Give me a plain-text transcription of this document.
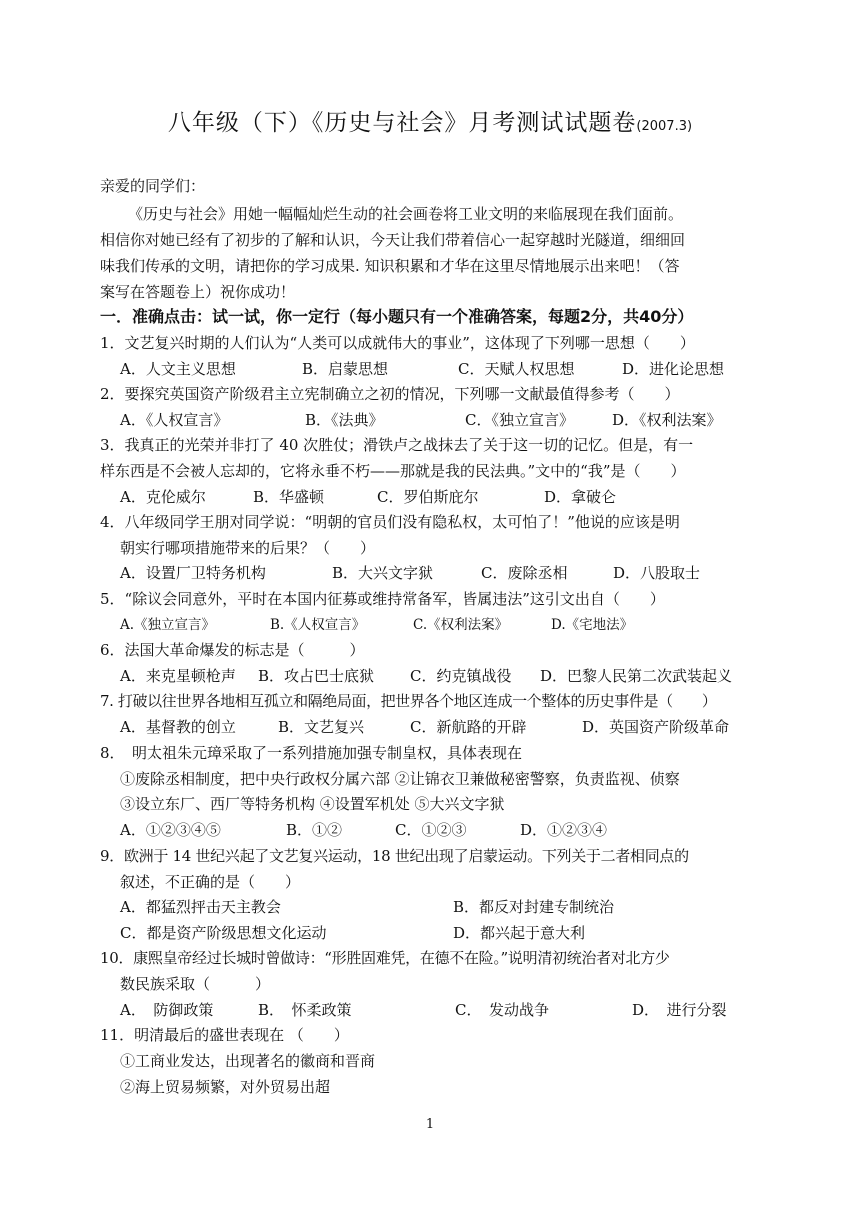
八年级（下）《历史与社会》月考测试试题卷(2007.3)
亲爱的同学们：
《历史与社会》用她一幅幅灿烂生动的社会画卷将工业文明的来临展现在我们面前。
相信你对她已经有了初步的了解和认识，今天让我们带着信心一起穿越时光隧道，细细回
味我们传承的文明，请把你的学习成果. 知识积累和才华在这里尽情地展示出来吧！（答
案写在答题卷上）祝你成功！
一．准确点击：试一试，你一定行（每小题只有一个准确答案，每题2分，共40分）
1．文艺复兴时期的人们认为“人类可以成就伟大的事业”，这体现了下列哪一思想（　　）
A．人文主义思想	B．启蒙思想	C．天赋人权思想	D．进化论思想
2．要探究英国资产阶级君主立宪制确立之初的情况，下列哪一文献最值得参考（　　）
A．《人权宣言》	B．《法典》	C．《独立宣言》	D．《权利法案》
3．我真正的光荣并非打了 40 次胜仗；滑铁卢之战抹去了关于这一切的记忆。但是，有一
样东西是不会被人忘却的，它将永垂不朽——那就是我的民法典。”文中的“我”是（　　）
A．克伦威尔	B．华盛顿	C．罗伯斯庇尔	D．拿破仑
4．八年级同学王朋对同学说：“明朝的官员们没有隐私权，太可怕了！”他说的应该是明
朝实行哪项措施带来的后果？（　　）
A．设置厂卫特务机构	B．大兴文字狱	C．废除丞相	D．八股取士
5．“除议会同意外，平时在本国内征募或维持常备军，皆属违法”这引文出自（　　）
A.《独立宣言》	B.《人权宣言》	C.《权利法案》	D.《宅地法》
6．法国大革命爆发的标志是（　　　）
A．来克星顿枪声 B．攻占巴士底狱 C．约克镇战役 D．巴黎人民第二次武装起义
7. 打破以往世界各地相互孤立和隔绝局面，把世界各个地区连成一个整体的历史事件是（　　）
A．基督教的创立	B．文艺复兴	C．新航路的开辟	D．英国资产阶级革命
8．　明太祖朱元璋采取了一系列措施加强专制皇权，具体表现在
①废除丞相制度，把中央行政权分属六部 ②让锦衣卫兼做秘密警察，负责监视、侦察
③设立东厂、西厂等特务机构 ④设置军机处 ⑤大兴文字狱
A．①②③④⑤	B．①②	C．①②③	D．①②③④
9．欧洲于 14 世纪兴起了文艺复兴运动，18 世纪出现了启蒙运动。下列关于二者相同点的
叙述，不正确的是（　　）
A．都猛烈抨击天主教会	B．都反对封建专制统治
C．都是资产阶级思想文化运动	D．都兴起于意大利
10．康熙皇帝经过长城时曾做诗：“形胜固难凭，在德不在险。”说明清初统治者对北方少
数民族采取（　　　）
A．　防御政策	B．　怀柔政策	C．　发动战争	D．　进行分裂
11．明清最后的盛世表现在 （　　）
①工商业发达，出现著名的徽商和晋商
②海上贸易频繁，对外贸易出超
1
